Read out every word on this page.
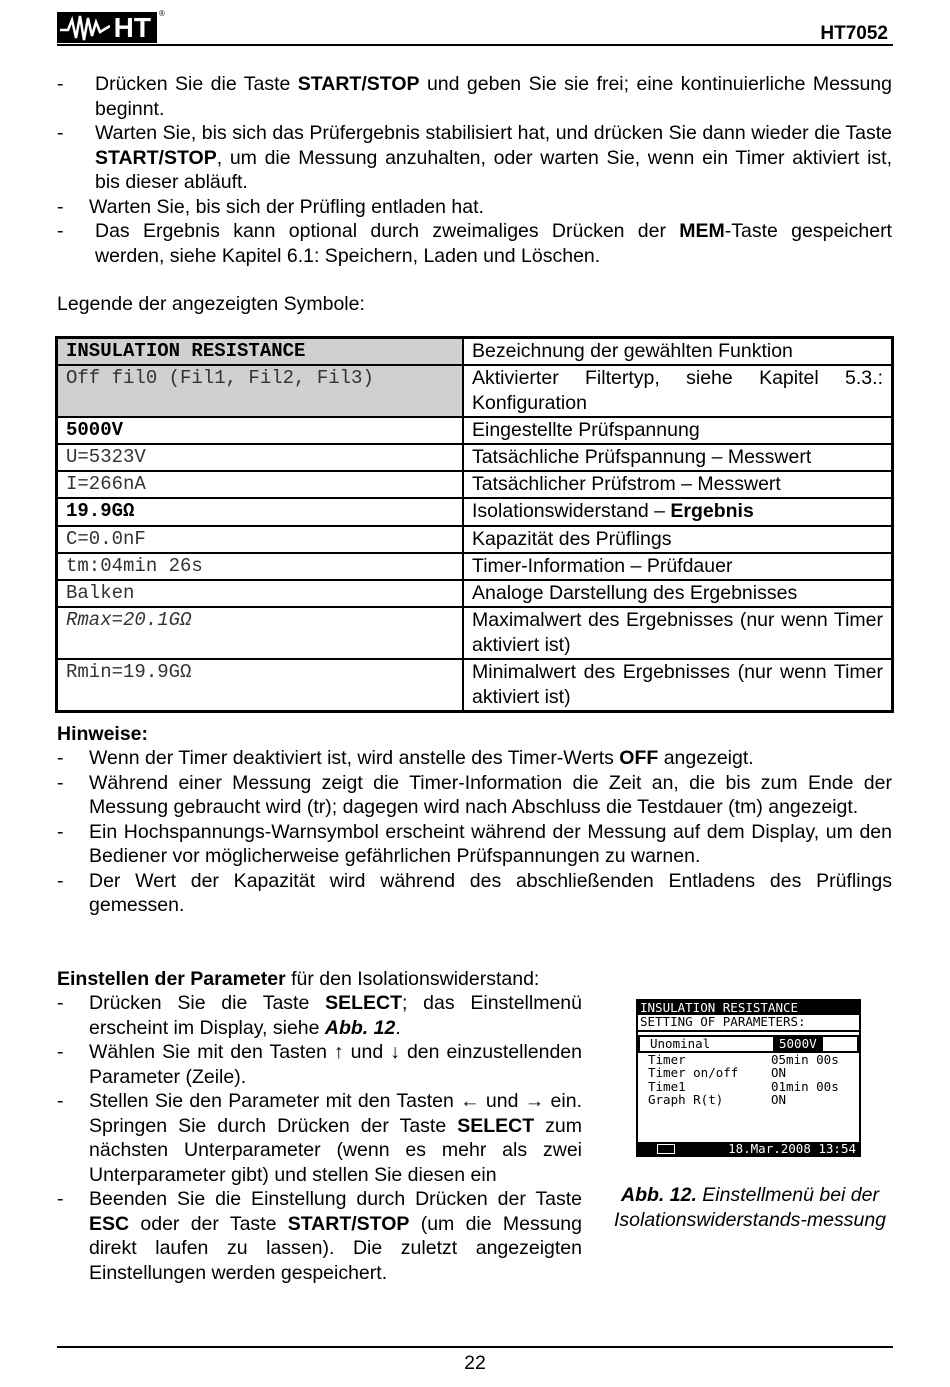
HT	®
HT7052
- Drücken Sie die Taste START/STOP und geben Sie sie frei; eine kontinuierliche Messung beginnt.
- Warten Sie, bis sich das Prüfergebnis stabilisiert hat, und drücken Sie dann wieder die Taste START/STOP, um die Messung anzuhalten, oder warten Sie, wenn ein Timer aktiviert ist, bis dieser abläuft.
- Warten Sie, bis sich der Prüfling entladen hat.
- Das Ergebnis kann optional durch zweimaliges Drücken der MEM-Taste gespeichert werden, siehe Kapitel 6.1: Speichern, Laden und Löschen.
Legende der angezeigten Symbole:
INSULATION RESISTANCE	Bezeichnung der gewählten Funktion
Off fil0 (Fil1, Fil2, Fil3)	Aktivierter Filtertyp, siehe Kapitel 5.3.: Konfiguration
5000V	Eingestellte Prüfspannung
U=5323V	Tatsächliche Prüfspannung – Messwert
I=266nA	Tatsächlicher Prüfstrom – Messwert
19.9GΩ	Isolationswiderstand – Ergebnis
C=0.0nF	Kapazität des Prüflings
tm:04min 26s	Timer-Information – Prüfdauer
Balken	Analoge Darstellung des Ergebnisses
Rmax=20.1GΩ	Maximalwert des Ergebnisses (nur wenn Timer aktiviert ist)
Rmin=19.9GΩ	Minimalwert des Ergebnisses (nur wenn Timer aktiviert ist)
Hinweise:
- Wenn der Timer deaktiviert ist, wird anstelle des Timer-Werts OFF angezeigt.
- Während einer Messung zeigt die Timer-Information die Zeit an, die bis zum Ende der Messung gebraucht wird (tr); dagegen wird nach Abschluss die Testdauer (tm) angezeigt.
- Ein Hochspannungs-Warnsymbol erscheint während der Messung auf dem Display, um den Bediener vor möglicherweise gefährlichen Prüfspannungen zu warnen.
- Der Wert der Kapazität wird während des abschließenden Entladens des Prüflings gemessen.
Einstellen der Parameter für den Isolationswiderstand:
- Drücken Sie die Taste SELECT; das Einstellmenü erscheint im Display, siehe Abb. 12.
- Wählen Sie mit den Tasten ↑ und ↓ den einzustellenden Parameter (Zeile).
- Stellen Sie den Parameter mit den Tasten ← und → ein. Springen Sie durch Drücken der Taste SELECT zum nächsten Unterparameter (wenn es mehr als zwei Unterparameter gibt) und stellen Sie diesen ein
- Beenden Sie die Einstellung durch Drücken der Taste ESC oder der Taste START/STOP (um die Messung direkt laufen zu lassen). Die zuletzt angezeigten Einstellungen werden gespeichert.
INSULATION RESISTANCE
SETTING OF PARAMETERS:
Unominal	5000V
Timer	05min 00s
Timer on/off	ON
Time1	01min 00s
Graph R(t)	ON
18.Mar.2008 13:54
Abb. 12. Einstellmenü bei der Isolationswiderstands-messung
22
